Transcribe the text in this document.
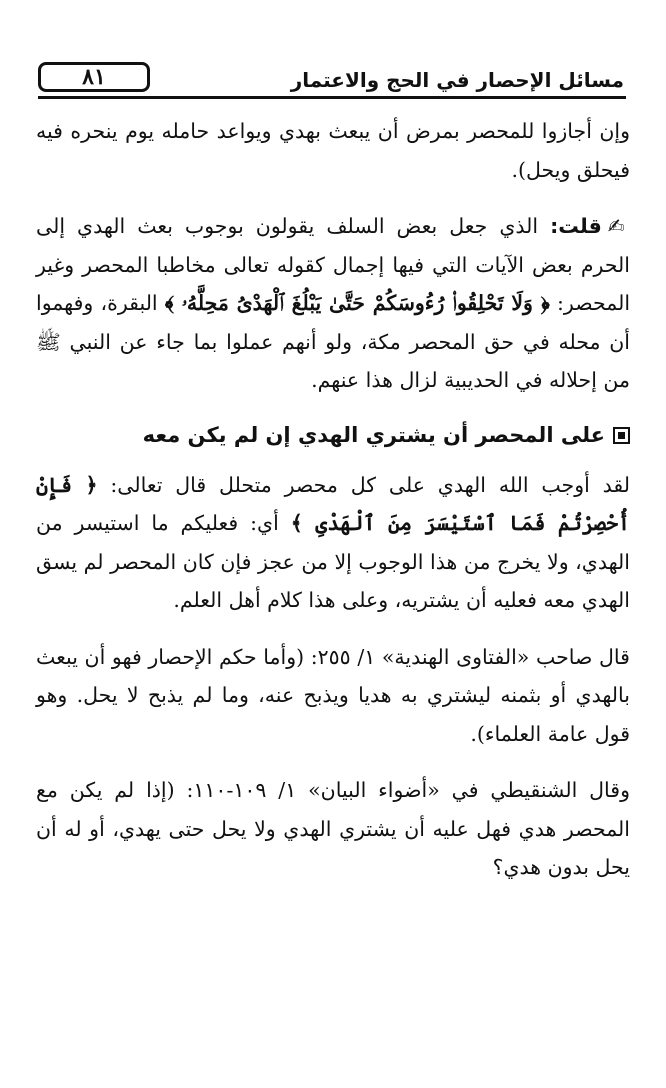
٨١	مسائل الإحصار في الحج والاعتمار

وإن أجازوا للمحصر بمرض أن يبعث بهدي ويواعد حامله يوم ينحره فيه فيحلق ويحل).

✍قلت: الذي جعل بعض السلف يقولون بوجوب بعث الهدي إلى الحرم بعض الآيات التي فيها إجمال كقوله تعالى مخاطبا المحصر وغير المحصر: ﴿ وَلَا تَحْلِقُوا۟ رُءُوسَكُمْ حَتَّىٰ يَبْلُغَ ٱلْهَدْىُ مَحِلَّهُۥ ﴾ البقرة، وفهموا أن محله في حق المحصر مكة، ولو أنهم عملوا بما جاء عن النبي ﷺ من إحلاله في الحديبية لزال هذا عنهم.

على المحصر أن يشتري الهدي إن لم يكن معه

لقد أوجب الله الهدي على كل محصر متحلل قال تعالى: ﴿ فَإِنْ أُحْصِرْتُمْ فَمَا ٱسْتَيْسَرَ مِنَ ٱلْهَدْىِ ﴾ أي: فعليكم ما استيسر من الهدي، ولا يخرج من هذا الوجوب إلا من عجز فإن كان المحصر لم يسق الهدي معه فعليه أن يشتريه، وعلى هذا كلام أهل العلم.

قال صاحب «الفتاوى الهندية» ١/ ٢٥٥: (وأما حكم الإحصار فهو أن يبعث بالهدي أو بثمنه ليشتري به هديا ويذبح عنه، وما لم يذبح لا يحل. وهو قول عامة العلماء).

وقال الشنقيطي في «أضواء البيان» ١/ ١٠٩-١١٠: (إذا لم يكن مع المحصر هدي فهل عليه أن يشتري الهدي ولا يحل حتى يهدي، أو له أن يحل بدون هدي؟
